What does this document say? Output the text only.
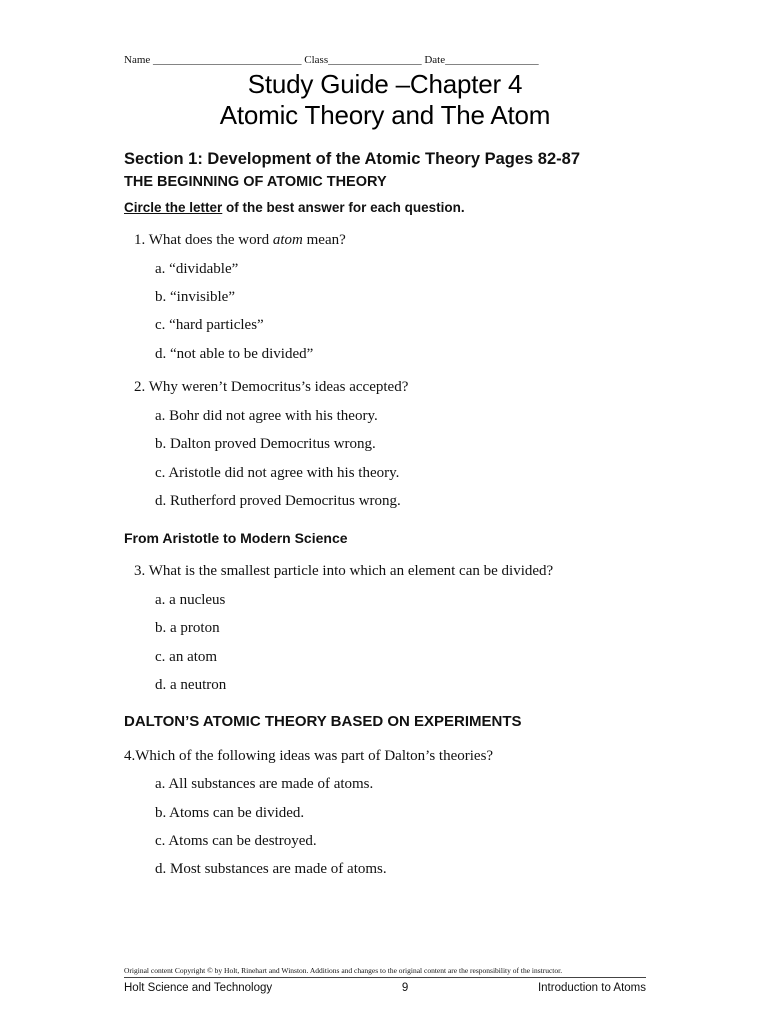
Name ___________________________ Class_________________ Date_________________
Study Guide –Chapter 4
Atomic Theory and The Atom
Section 1: Development of the Atomic Theory Pages 82-87
THE BEGINNING OF ATOMIC THEORY
Circle the letter of the best answer for each question.
1. What does the word atom mean?
a. “dividable”
b. “invisible”
c. “hard particles”
d. “not able to be divided”
2. Why weren’t Democritus’s ideas accepted?
a. Bohr did not agree with his theory.
b. Dalton proved Democritus wrong.
c. Aristotle did not agree with his theory.
d. Rutherford proved Democritus wrong.
From Aristotle to Modern Science
3. What is the smallest particle into which an element can be divided?
a. a nucleus
b. a proton
c. an atom
d. a neutron
DALTON’S ATOMIC THEORY BASED ON EXPERIMENTS
4.Which of the following ideas was part of Dalton’s theories?
a. All substances are made of atoms.
b. Atoms can be divided.
c. Atoms can be destroyed.
d. Most substances are made of atoms.
Original content Copyright © by Holt, Rinehart and Winston. Additions and changes to the original content are the responsibility of the instructor.
Holt Science and Technology	9	Introduction to Atoms
